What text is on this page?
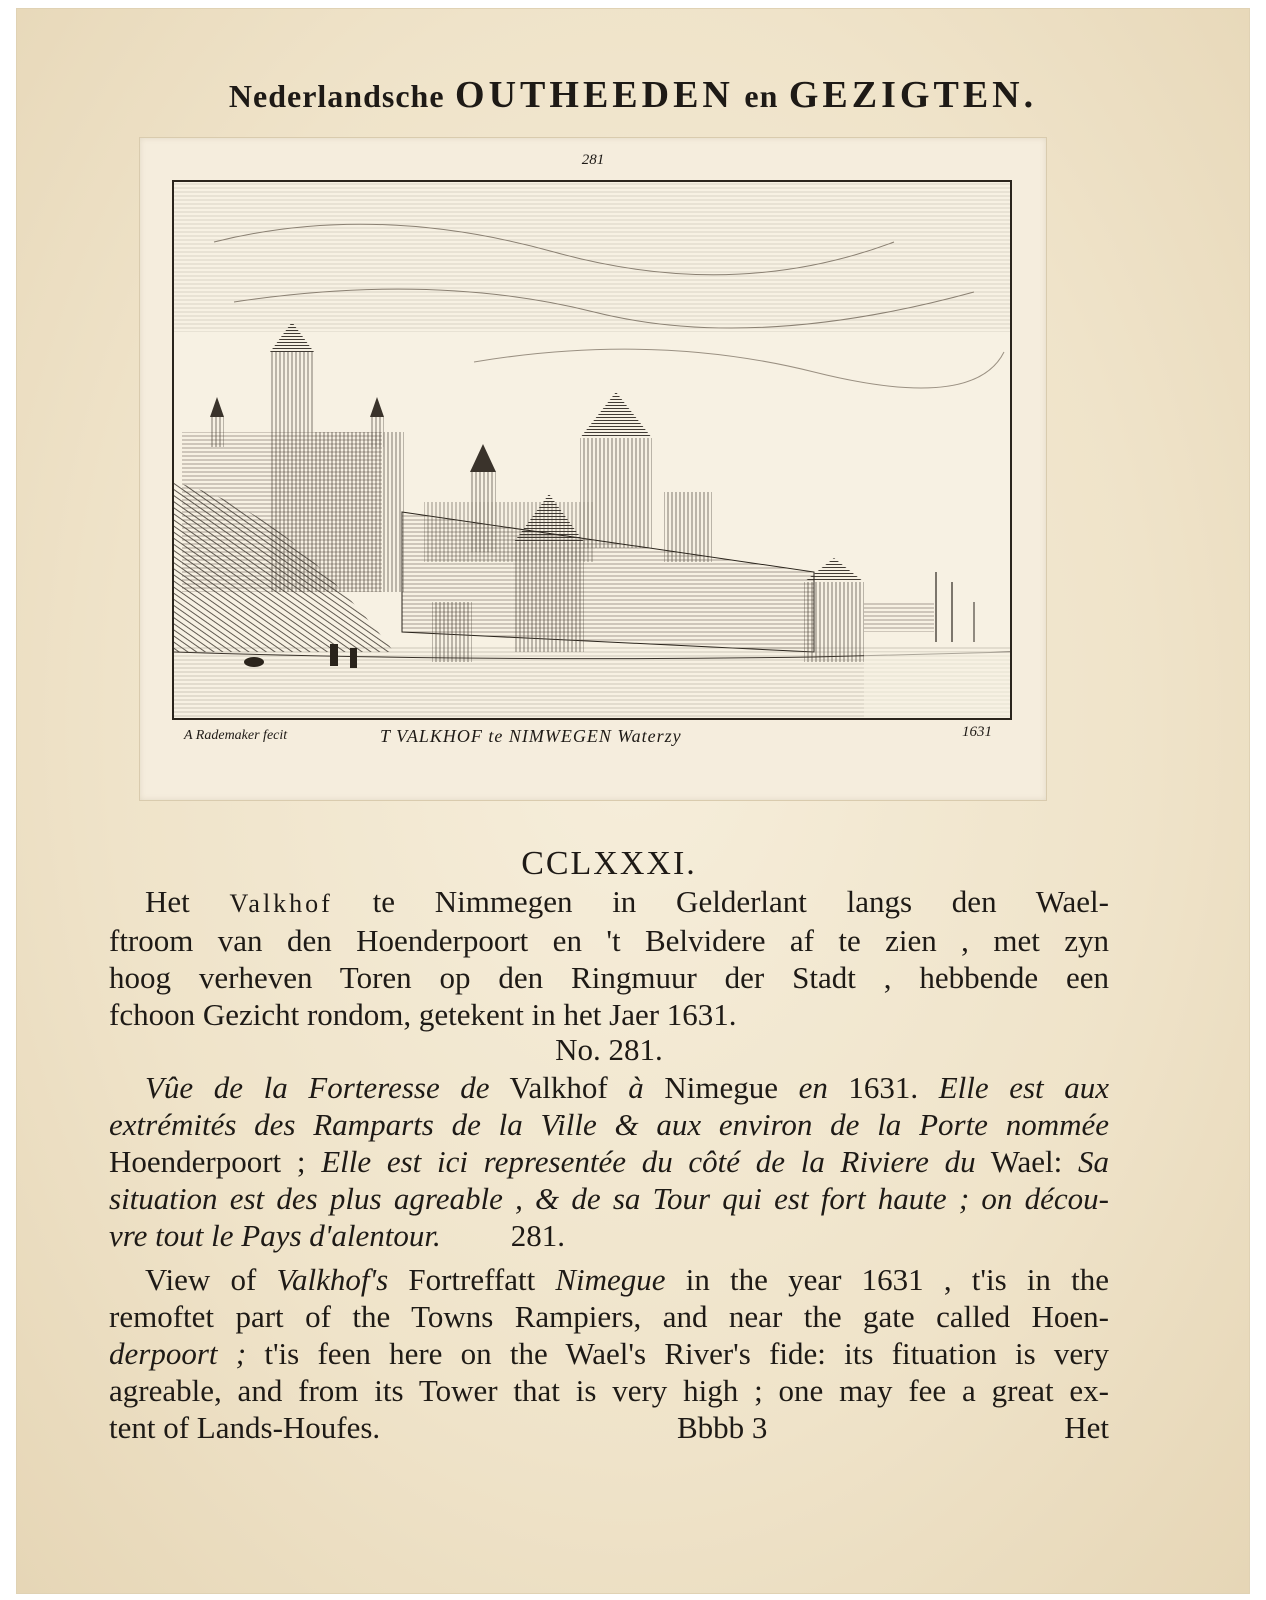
Nederlandsche OUTHEEDEN en GEZIGTEN.
281
A Rademaker fecit	T VALKHOF te NIMWEGEN Waterzy	1631
CCLXXXI.

Het Valkhof te Nimmegen in Gelderlant langs den Wael-

ftroom van den Hoenderpoort en 't Belvidere af te zien , met zyn

hoog verheven Toren op den Ringmuur der Stadt , hebbende een

fchoon Gezicht rondom, getekent in het Jaer 1631.

No. 281.

Vûe de la Forteresse de Valkhof à Nimegue en 1631. Elle est aux

extrémités des Ramparts de la Ville & aux environ de la Porte nommée

Hoenderpoort ; Elle est ici representée du côté de la Riviere du Wael: Sa

situation est des plus agreable , & de sa Tour qui est fort haute ; on décou-

vre tout le Pays d'alentour. 281.

View of Valkhof's Fortreffatt Nimegue in the year 1631 , t'is in the

remoftet part of the Towns Rampiers, and near the gate called Hoen-

derpoort ; t'is feen here on the Wael's River's fide: its fituation is very

agreable, and from its Tower that is very high ; one may fee a great ex-

tent of Lands-Houfes.	Bbbb 3	Het
